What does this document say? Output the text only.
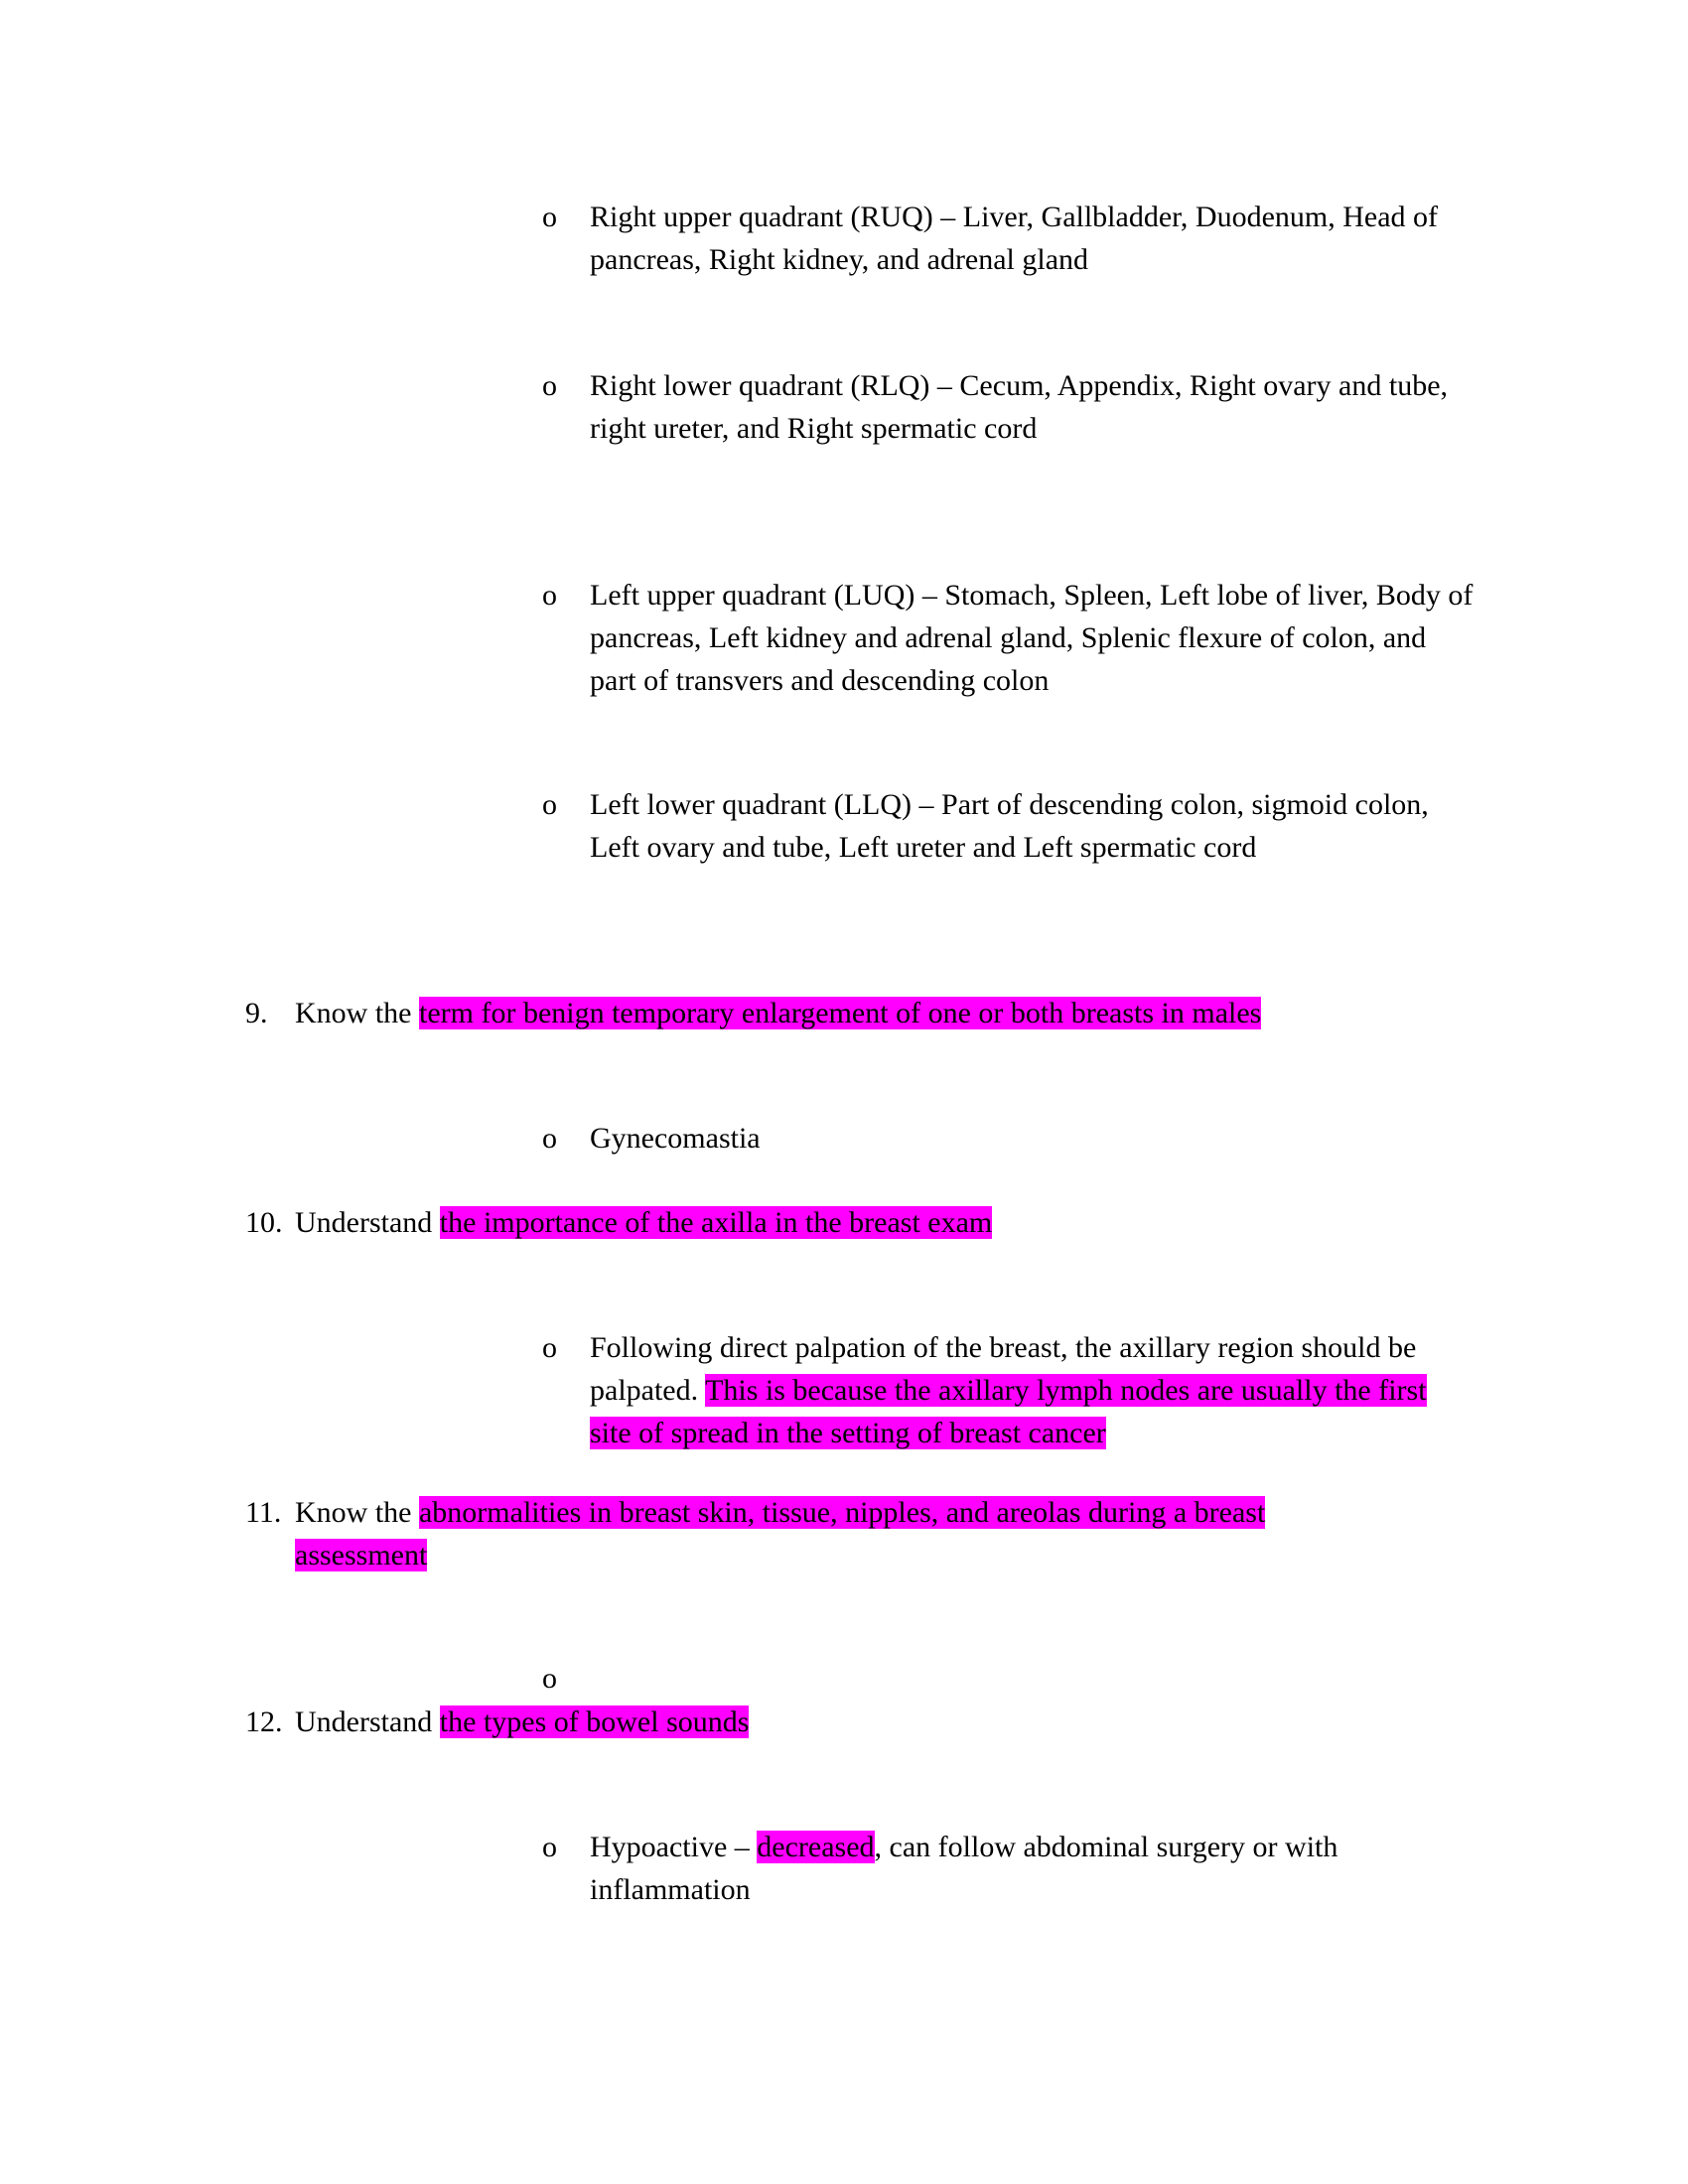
o Right upper quadrant (RUQ) – Liver, Gallbladder, Duodenum, Head of pancreas, Right kidney, and adrenal gland
o Right lower quadrant (RLQ) – Cecum, Appendix, Right ovary and tube, right ureter, and Right spermatic cord
o Left upper quadrant (LUQ) – Stomach, Spleen, Left lobe of liver, Body of pancreas, Left kidney and adrenal gland, Splenic flexure of colon, and part of transvers and descending colon
o Left lower quadrant (LLQ) – Part of descending colon, sigmoid colon, Left ovary and tube, Left ureter and Left spermatic cord
9. Know the term for benign temporary enlargement of one or both breasts in males
o Gynecomastia
10. Understand the importance of the axilla in the breast exam
o Following direct palpation of the breast, the axillary region should be palpated. This is because the axillary lymph nodes are usually the first site of spread in the setting of breast cancer
11. Know the abnormalities in breast skin, tissue, nipples, and areolas during a breast assessment
o
12. Understand the types of bowel sounds
o Hypoactive – decreased, can follow abdominal surgery or with inflammation
